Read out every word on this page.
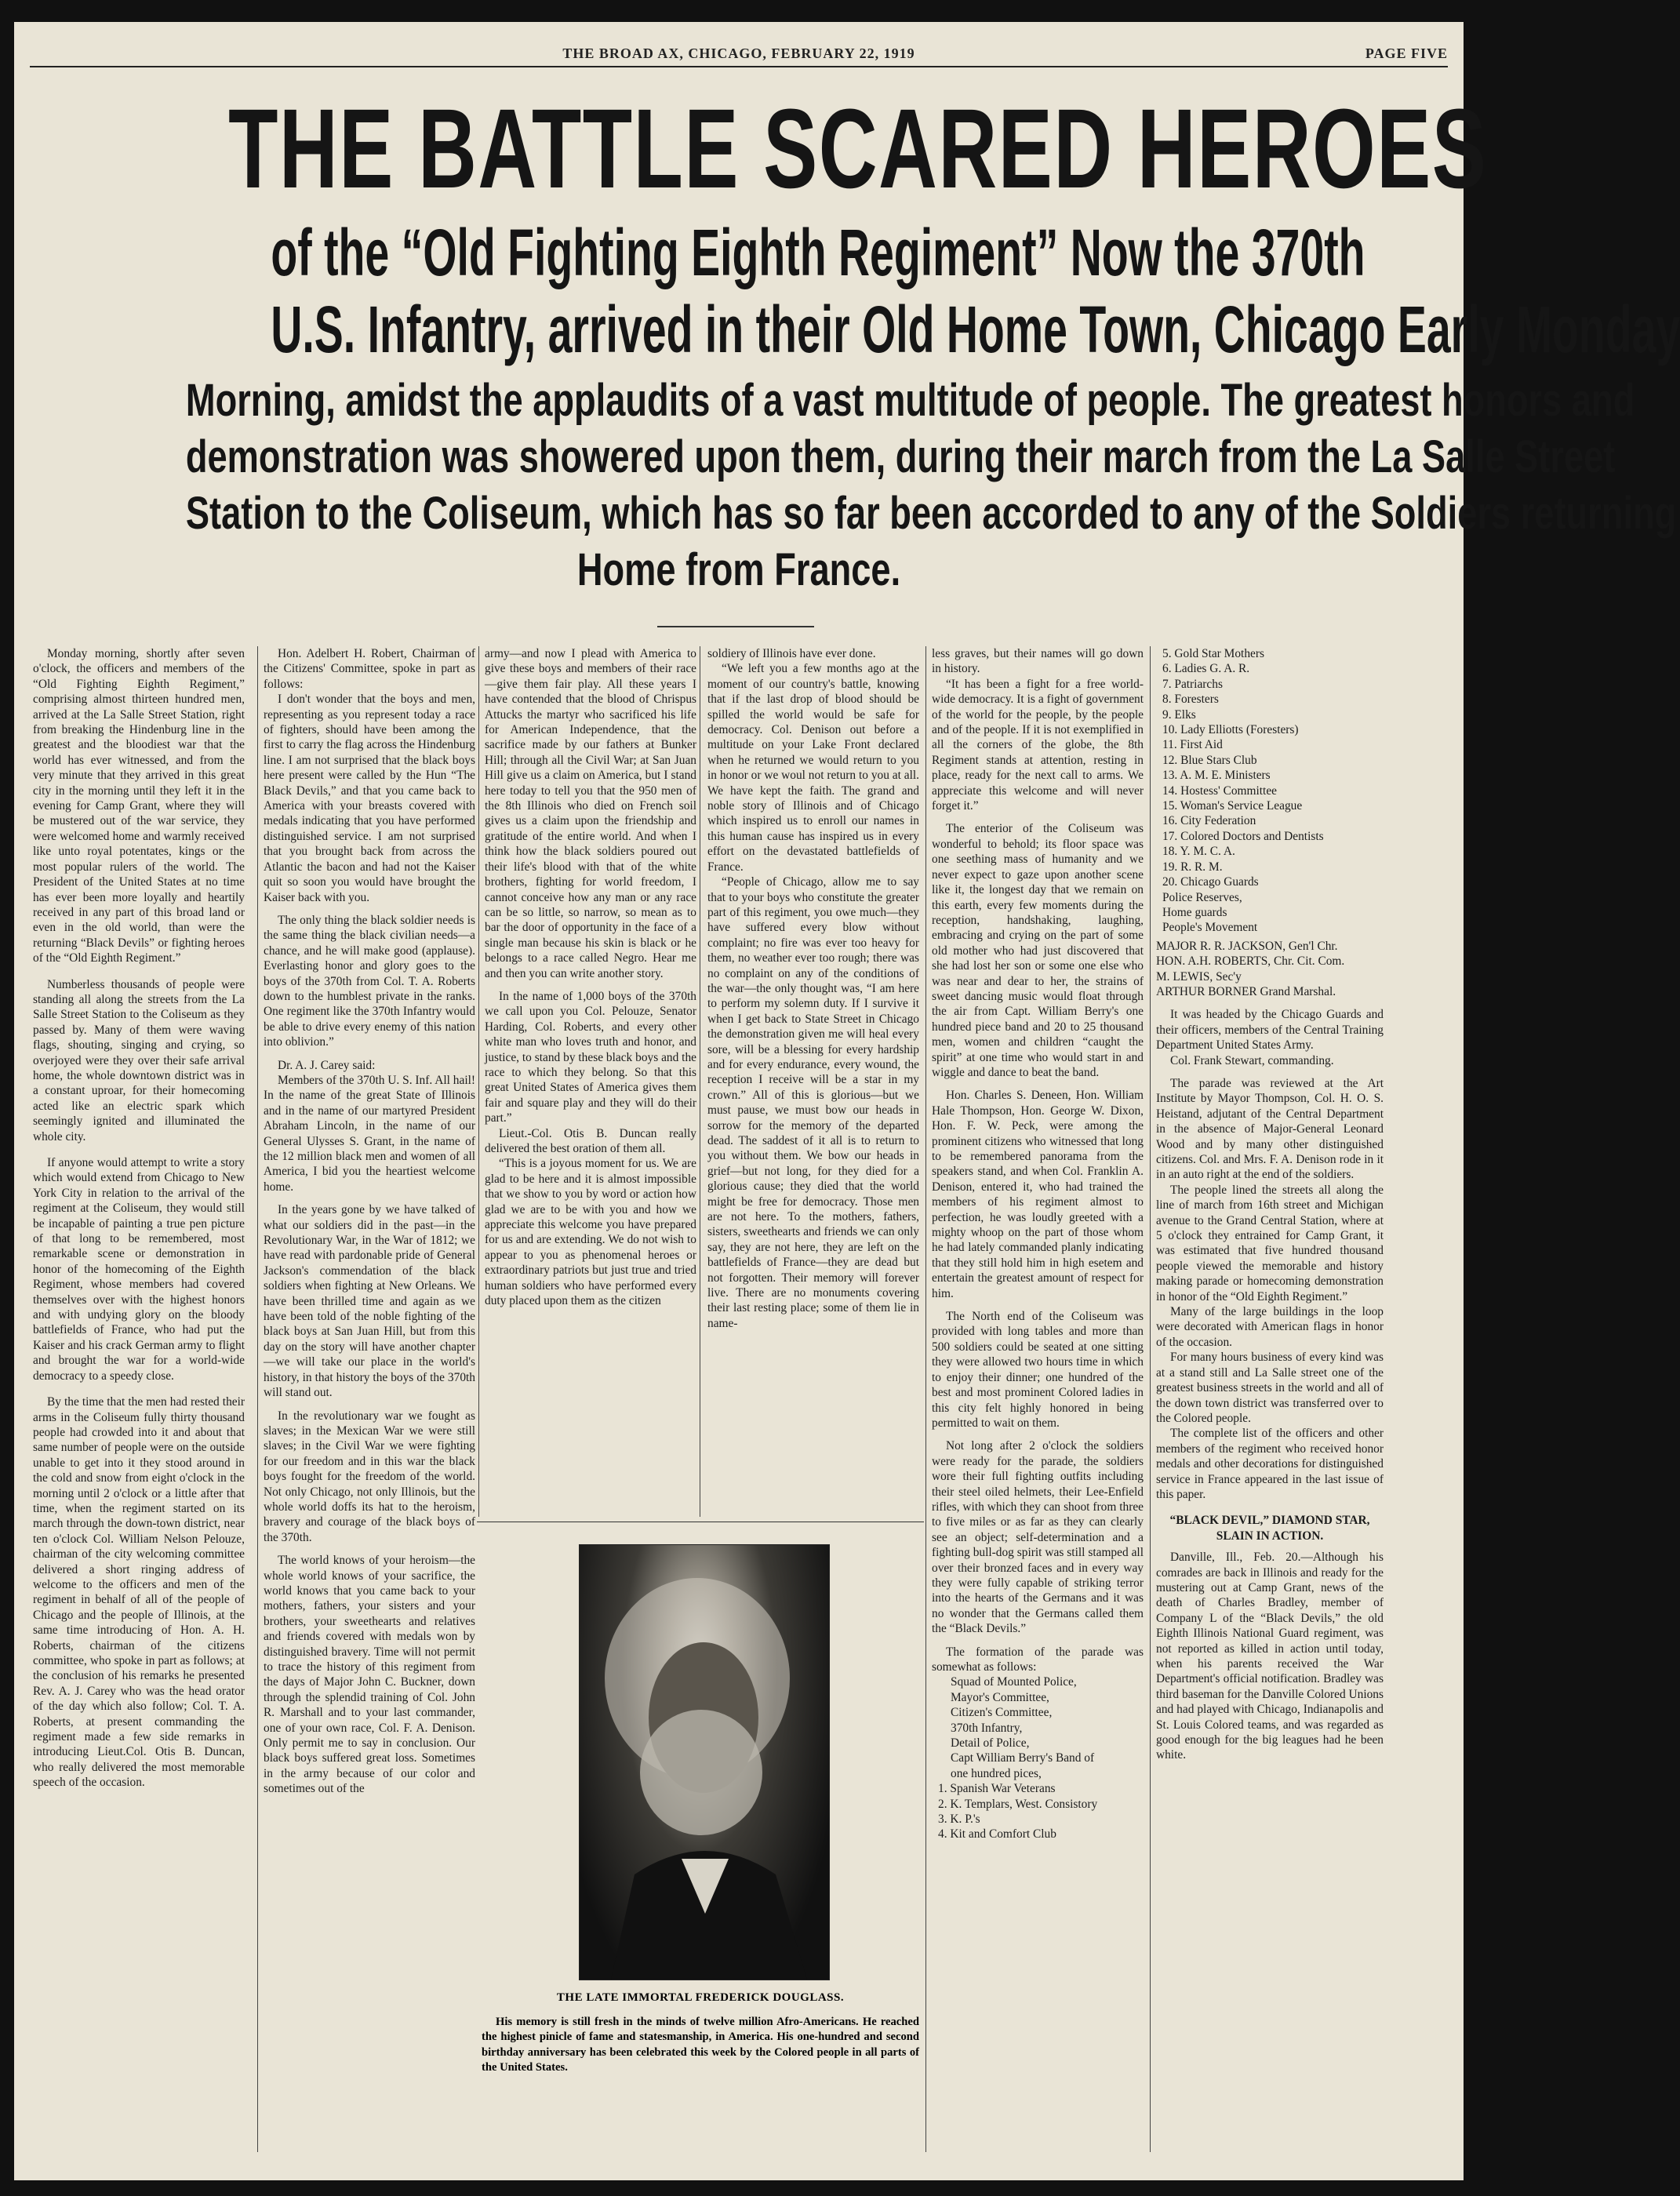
THE BROAD AX, CHICAGO, FEBRUARY 22, 1919	PAGE FIVE
THE BATTLE SCARED HEROES
of the “Old Fighting Eighth Regiment” Now the 370th
U.S. Infantry, arrived in their Old Home Town, Chicago Early Monday
Morning, amidst the applaudits of a vast multitude of people. The greatest honors and
demonstration was showered upon them, during their march from the La Salle Street
Station to the Coliseum, which has so far been accorded to any of the Soldiers returning
Home from France.

Monday morning, shortly after seven o'clock, the officers and members of the “Old Fighting Eighth Regiment,” comprising almost thirteen hundred men, arrived at the La Salle Street Station, right from breaking the Hindenburg line in the greatest and the bloodiest war that the world has ever witnessed, and from the very minute that they arrived in this great city in the morning until they left it in the evening for Camp Grant, where they will be mustered out of the war service, they were welcomed home and warmly received like unto royal potentates, kings or the most popular rulers of the world. The President of the United States at no time has ever been more loyally and heartily received in any part of this broad land or even in the old world, than were the returning “Black Devils” or fighting heroes of the “Old Eighth Regiment.”

Numberless thousands of people were standing all along the streets from the La Salle Street Station to the Coliseum as they passed by. Many of them were waving flags, shouting, singing and crying, so overjoyed were they over their safe arrival home, the whole downtown district was in a constant uproar, for their homecoming acted like an electric spark which seemingly ignited and illuminated the whole city.

If anyone would attempt to write a story which would extend from Chicago to New York City in relation to the arrival of the regiment at the Coliseum, they would still be incapable of painting a true pen picture of that long to be remembered, most remarkable scene or demonstration in honor of the homecoming of the Eighth Regiment, whose members had covered themselves over with the highest honors and with undying glory on the bloody battlefields of France, who had put the Kaiser and his crack German army to flight and brought the war for a world-wide democracy to a speedy close.

By the time that the men had rested their arms in the Coliseum fully thirty thousand people had crowded into it and about that same number of people were on the outside unable to get into it they stood around in the cold and snow from eight o'clock in the morning until 2 o'clock or a little after that time, when the regiment started on its march through the down-town district, near ten o'clock Col. William Nelson Pelouze, chairman of the city welcoming committee delivered a short ringing address of welcome to the officers and men of the regiment in behalf of all of the people of Chicago and the people of Illinois, at the same time introducing of Hon. A. H. Roberts, chairman of the citizens committee, who spoke in part as follows; at the conclusion of his remarks he presented Rev. A. J. Carey who was the head orator of the day which also follow; Col. T. A. Roberts, at present commanding the regiment made a few side remarks in introducing Lieut.Col. Otis B. Duncan, who really delivered the most memorable speech of the occasion.

Hon. Adelbert H. Robert, Chairman of the Citizens' Committee, spoke in part as follows:

I don't wonder that the boys and men, representing as you represent today a race of fighters, should have been among the first to carry the flag across the Hindenburg line. I am not surprised that the black boys here present were called by the Hun “The Black Devils,” and that you came back to America with your breasts covered with medals indicating that you have performed distinguished service. I am not surprised that you brought back from across the Atlantic the bacon and had not the Kaiser quit so soon you would have brought the Kaiser back with you.

The only thing the black soldier needs is the same thing the black civilian needs—a chance, and he will make good (applause). Everlasting honor and glory goes to the boys of the 370th from Col. T. A. Roberts down to the humblest private in the ranks. One regiment like the 370th Infantry would be able to drive every enemy of this nation into oblivion.”

Dr. A. J. Carey said:

Members of the 370th U. S. Inf. All hail! In the name of the great State of Illinois and in the name of our martyred President Abraham Lincoln, in the name of our General Ulysses S. Grant, in the name of the 12 million black men and women of all America, I bid you the heartiest welcome home.

In the years gone by we have talked of what our soldiers did in the past—in the Revolutionary War, in the War of 1812; we have read with pardonable pride of General Jackson's commendation of the black soldiers when fighting at New Orleans. We have been thrilled time and again as we have been told of the noble fighting of the black boys at San Juan Hill, but from this day on the story will have another chapter—we will take our place in the world's history, in that history the boys of the 370th will stand out.

In the revolutionary war we fought as slaves; in the Mexican War we were still slaves; in the Civil War we were fighting for our freedom and in this war the black boys fought for the freedom of the world. Not only Chicago, not only Illinois, but the whole world doffs its hat to the heroism, bravery and courage of the black boys of the 370th.

The world knows of your heroism—the whole world knows of your sacrifice, the world knows that you came back to your mothers, fathers, your sisters and your brothers, your sweethearts and relatives and friends covered with medals won by distinguished bravery. Time will not permit to trace the history of this regiment from the days of Major John C. Buckner, down through the splendid training of Col. John R. Marshall and to your last commander, one of your own race, Col. F. A. Denison. Only permit me to say in conclusion. Our black boys suffered great loss. Sometimes in the army because of our color and sometimes out of the

army—and now I plead with America to give these boys and members of their race—give them fair play. All these years I have contended that the blood of Chrispus Attucks the martyr who sacrificed his life for American Independence, that the sacrifice made by our fathers at Bunker Hill; through all the Civil War; at San Juan Hill give us a claim on America, but I stand here today to tell you that the 950 men of the 8th Illinois who died on French soil gives us a claim upon the friendship and gratitude of the entire world. And when I think how the black soldiers poured out their life's blood with that of the white brothers, fighting for world freedom, I cannot conceive how any man or any race can be so little, so narrow, so mean as to bar the door of opportunity in the face of a single man because his skin is black or he belongs to a race called Negro. Hear me and then you can write another story.

In the name of 1,000 boys of the 370th we call upon you Col. Pelouze, Senator Harding, Col. Roberts, and every other white man who loves truth and honor, and justice, to stand by these black boys and the race to which they belong. So that this great United States of America gives them fair and square play and they will do their part.”

Lieut.-Col. Otis B. Duncan really delivered the best oration of them all.

“This is a joyous moment for us. We are glad to be here and it is almost impossible that we show to you by word or action how glad we are to be with you and how we appreciate this welcome you have prepared for us and are extending. We do not wish to appear to you as phenomenal heroes or extraordinary patriots but just true and tried human soldiers who have performed every duty placed upon them as the citizen

soldiery of Illinois have ever done.

“We left you a few months ago at the moment of our country's battle, knowing that if the last drop of blood should be spilled the world would be safe for democracy. Col. Denison out before a multitude on your Lake Front declared when he returned we would return to you in honor or we woul not return to you at all. We have kept the faith. The grand and noble story of Illinois and of Chicago which inspired us to enroll our names in this human cause has inspired us in every effort on the devastated battlefields of France.

“People of Chicago, allow me to say that to your boys who constitute the greater part of this regiment, you owe much—they have suffered every blow without complaint; no fire was ever too heavy for them, no weather ever too rough; there was no complaint on any of the conditions of the war—the only thought was, “I am here to perform my solemn duty. If I survive it when I get back to State Street in Chicago the demonstration given me will heal every sore, will be a blessing for every hardship and for every endurance, every wound, the reception I receive will be a star in my crown.” All of this is glorious—but we must pause, we must bow our heads in sorrow for the memory of the departed dead. The saddest of it all is to return to you without them. We bow our heads in grief—but not long, for they died for a glorious cause; they died that the world might be free for democracy. Those men are not here. To the mothers, fathers, sisters, sweethearts and friends we can only say, they are not here, they are left on the battlefields of France—they are dead but not forgotten. Their memory will forever live. There are no monuments covering their last resting place; some of them lie in name-

less graves, but their names will go down in history.

“It has been a fight for a free world-wide democracy. It is a fight of government of the world for the people, by the people and of the people. If it is not exemplified in all the corners of the globe, the 8th Regiment stands at attention, resting in place, ready for the next call to arms. We appreciate this welcome and will never forget it.”

The enterior of the Coliseum was wonderful to behold; its floor space was one seething mass of humanity and we never expect to gaze upon another scene like it, the longest day that we remain on this earth, every few moments during the reception, handshaking, laughing, embracing and crying on the part of some old mother who had just discovered that she had lost her son or some one else who was near and dear to her, the strains of sweet dancing music would float through the air from Capt. William Berry's one hundred piece band and 20 to 25 thousand men, women and children “caught the spirit” at one time who would start in and wiggle and dance to beat the band.

Hon. Charles S. Deneen, Hon. William Hale Thompson, Hon. George W. Dixon, Hon. F. W. Peck, were among the prominent citizens who witnessed that long to be remembered panorama from the speakers stand, and when Col. Franklin A. Denison, entered it, who had trained the members of his regiment almost to perfection, he was loudly greeted with a mighty whoop on the part of those whom he had lately commanded planly indicating that they still hold him in high esetem and entertain the greatest amount of respect for him.

The North end of the Coliseum was provided with long tables and more than 500 soldiers could be seated at one sitting they were allowed two hours time in which to enjoy their dinner; one hundred of the best and most prominent Colored ladies in this city felt highly honored in being permitted to wait on them.

Not long after 2 o'clock the soldiers were ready for the parade, the soldiers wore their full fighting outfits including their steel oiled helmets, their Lee-Enfield rifles, with which they can shoot from three to five miles or as far as they can clearly see an object; self-determination and a fighting bull-dog spirit was still stamped all over their bronzed faces and in every way they were fully capable of striking terror into the hearts of the Germans and it was no wonder that the Germans called them the “Black Devils.”

The formation of the parade was somewhat as follows:

Squad of Mounted Police,

Mayor's Committee,

Citizen's Committee,

370th Infantry,

Detail of Police,

Capt William Berry's Band of

one hundred pices,

1. Spanish War Veterans

2. K. Templars, West. Consistory

3. K. P.'s

4. Kit and Comfort Club

5. Gold Star Mothers

6. Ladies G. A. R.

7. Patriarchs

8. Foresters

9. Elks

10. Lady Elliotts (Foresters)

11. First Aid

12. Blue Stars Club

13. A. M. E. Ministers

14. Hostess' Committee

15. Woman's Service League

16. City Federation

17. Colored Doctors and Dentists

18. Y. M. C. A.

19. R. R. M.

20. Chicago Guards

Police Reserves,

Home guards

People's Movement

MAJOR R. R. JACKSON, Gen'l Chr.

HON. A.H. ROBERTS, Chr. Cit. Com.

M. LEWIS, Sec'y

ARTHUR BORNER Grand Marshal.

It was headed by the Chicago Guards and their officers, members of the Central Training Department United States Army.

Col. Frank Stewart, commanding.

The parade was reviewed at the Art Institute by Mayor Thompson, Col. H. O. S. Heistand, adjutant of the Central Department in the absence of Major-General Leonard Wood and by many other distinguished citizens. Col. and Mrs. F. A. Denison rode in it in an auto right at the end of the soldiers.

The people lined the streets all along the line of march from 16th street and Michigan avenue to the Grand Central Station, where at 5 o'clock they entrained for Camp Grant, it was estimated that five hundred thousand people viewed the memorable and history making parade or homecoming demonstration in honor of the “Old Eighth Regiment.”

Many of the large buildings in the loop were decorated with American flags in honor of the occasion.

For many hours business of every kind was at a stand still and La Salle street one of the greatest business streets in the world and all of the down town district was transferred over to the Colored people.

The complete list of the officers and other members of the regiment who received honor medals and other decorations for distinguished service in France appeared in the last issue of this paper.

“BLACK DEVIL,” DIAMOND STAR, SLAIN IN ACTION.

Danville, Ill., Feb. 20.—Although his comrades are back in Illinois and ready for the mustering out at Camp Grant, news of the death of Charles Bradley, member of Company L of the “Black Devils,” the old Eighth Illinois National Guard regiment, was not reported as killed in action until today, when his parents received the War Department's official notification. Bradley was third baseman for the Danville Colored Unions and had played with Chicago, Indianapolis and St. Louis Colored teams, and was regarded as good enough for the big leagues had he been white.

THE LATE IMMORTAL FREDERICK DOUGLASS.
His memory is still fresh in the minds of twelve million Afro-Americans. He reached the highest pinicle of fame and statesmanship, in America. His one-hundred and second birthday anniversary has been celebrated this week by the Colored people in all parts of the United States.
